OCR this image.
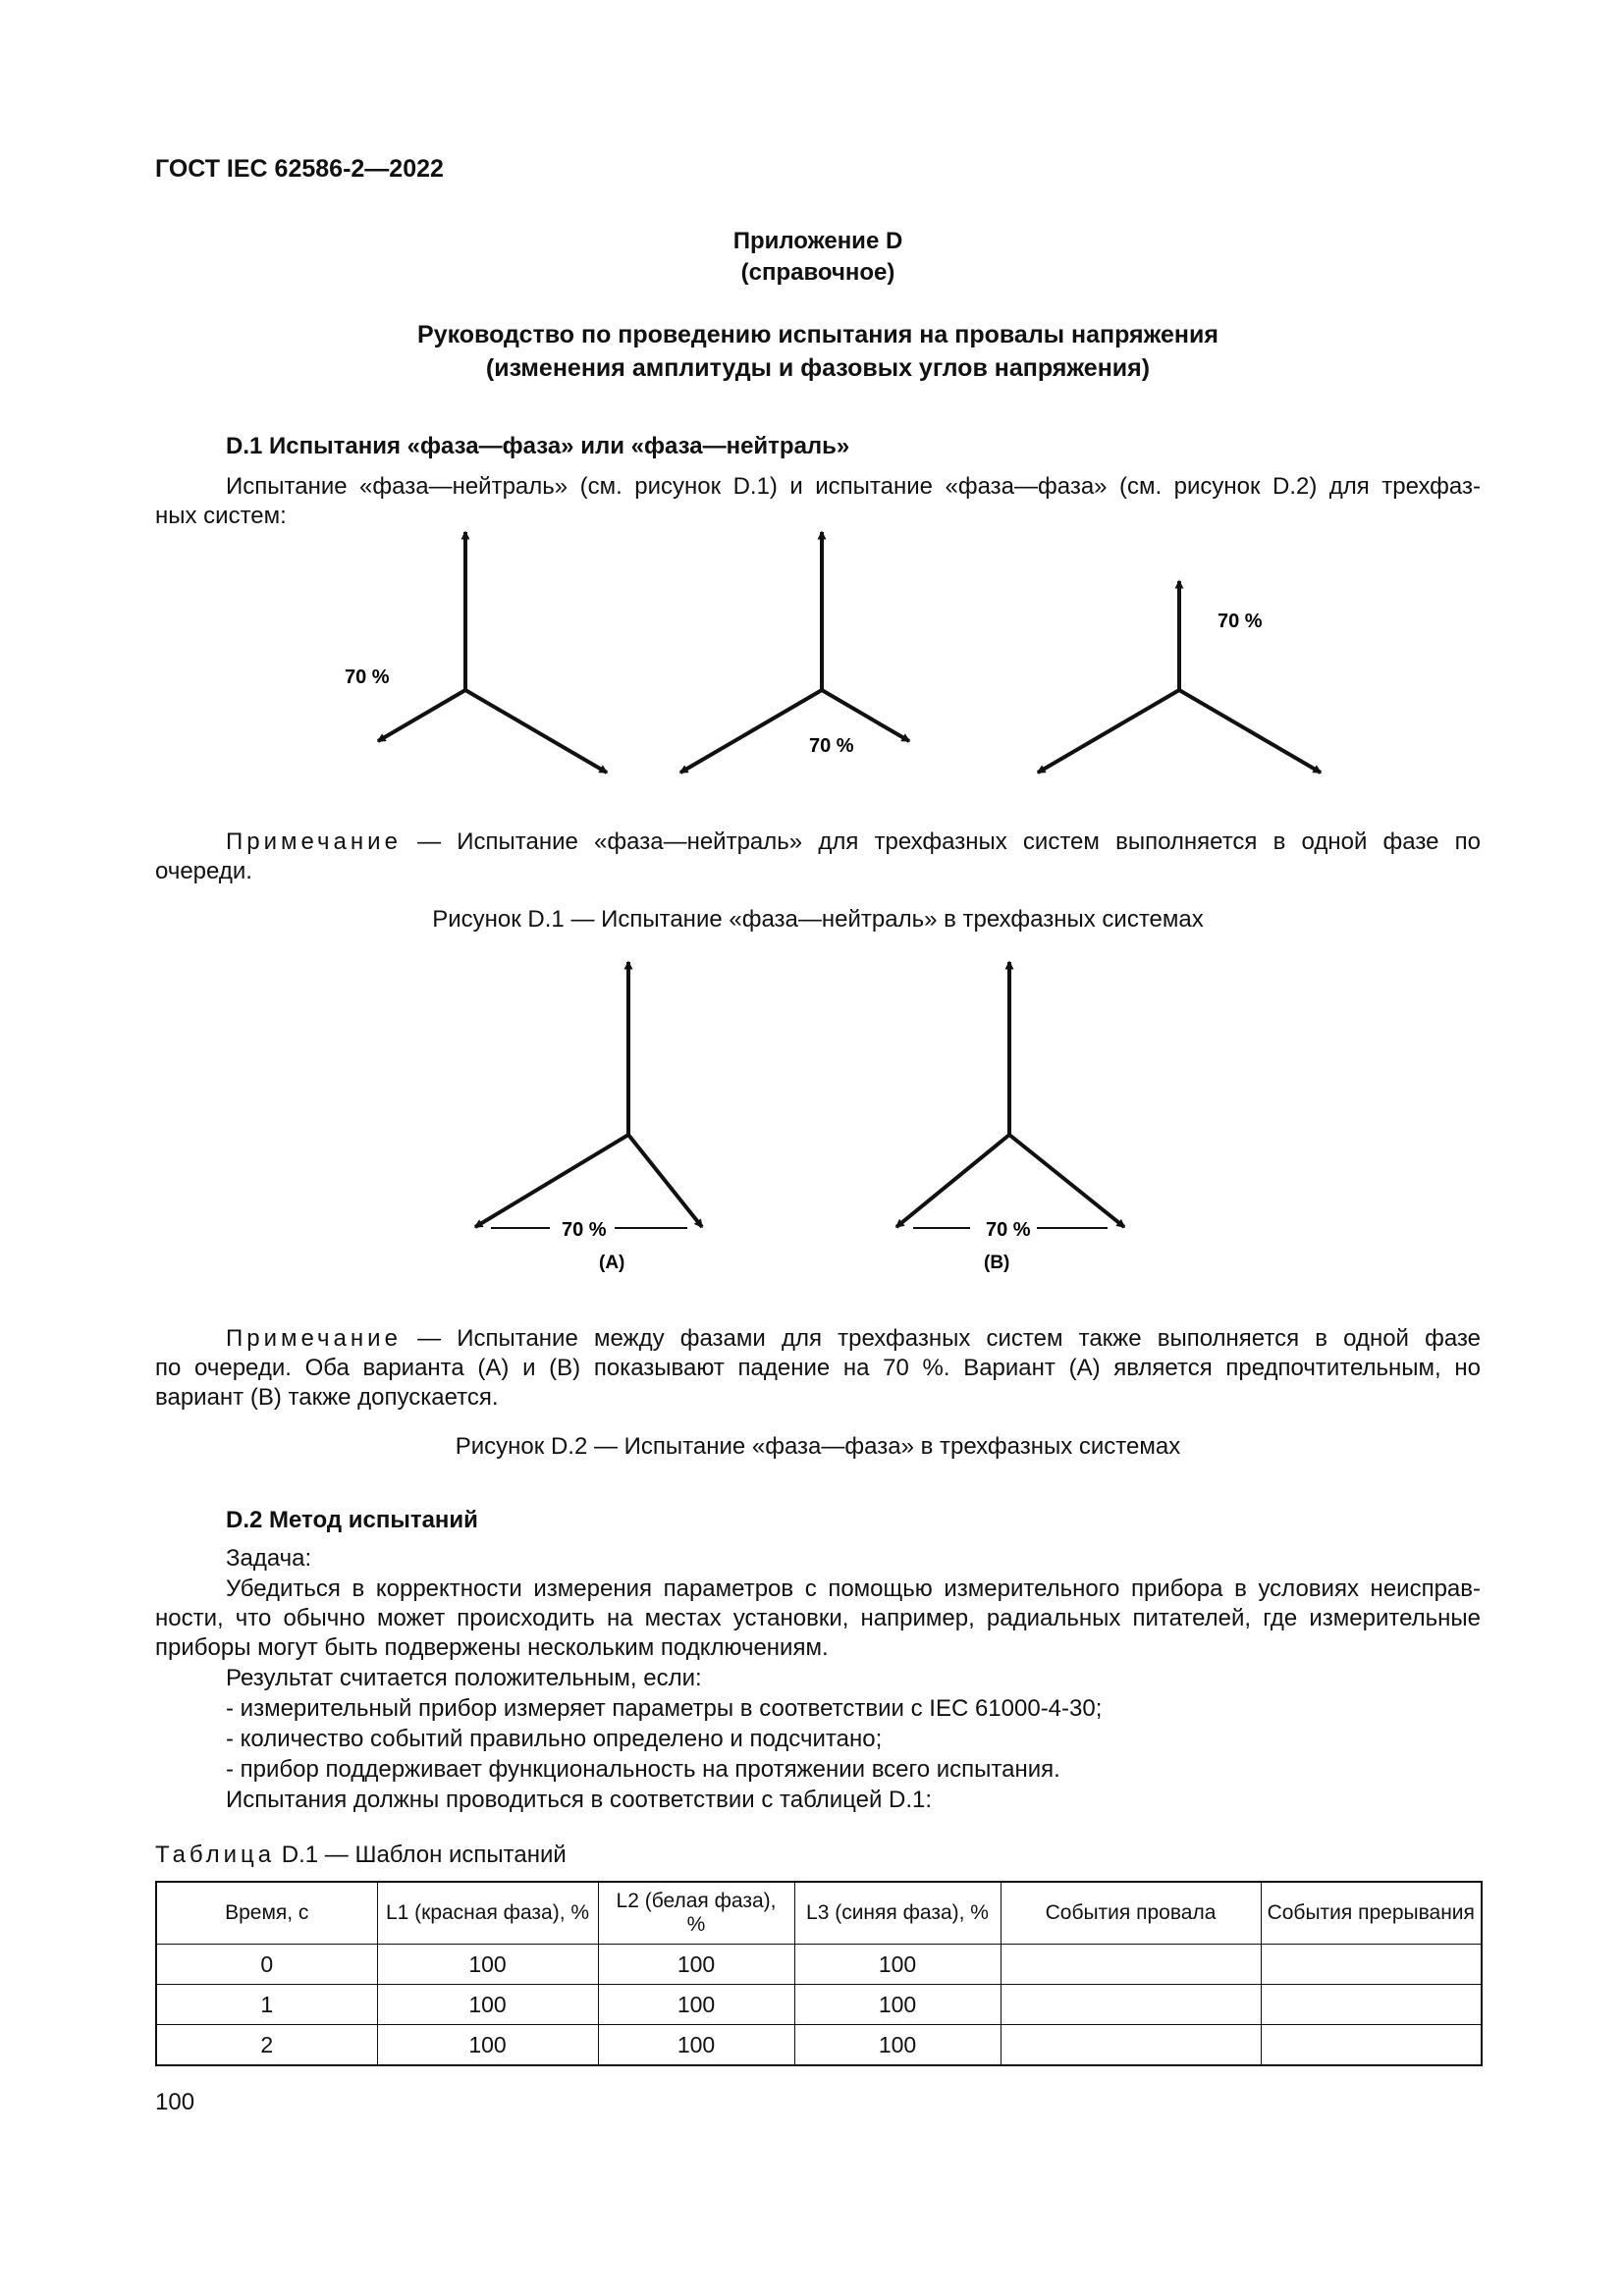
ГОСТ IEC 62586-2—2022
Приложение D
(справочное)
Руководство по проведению испытания на провалы напряжения
(изменения амплитуды и фазовых углов напряжения)
D.1 Испытания «фаза—фаза» или «фаза—нейтраль»
Испытание «фаза—нейтраль» (см. рисунок D.1) и испытание «фаза—фаза» (см. рисунок D.2) для трехфаз-
ных систем:
70 %
70 %
70 %
Примечание — Испытание «фаза—нейтраль» для трехфазных систем выполняется в одной фазе по
очереди.
Рисунок D.1 — Испытание «фаза—нейтраль» в трехфазных системах
70 %
(A)
70 %
(B)
Примечание — Испытание между фазами для трехфазных систем также выполняется в одной фазе
по очереди. Оба варианта (А) и (В) показывают падение на 70 %. Вариант (А) является предпочтительным, но
вариант (В) также допускается.
Рисунок D.2 — Испытание «фаза—фаза» в трехфазных системах
D.2 Метод испытаний
Задача:
Убедиться в корректности измерения параметров с помощью измерительного прибора в условиях неисправ-
ности, что обычно может происходить на местах установки, например, радиальных питателей, где измерительные
приборы могут быть подвержены нескольким подключениям.
Результат считается положительным, если:
- измерительный прибор измеряет параметры в соответствии с IEC 61000-4-30;
- количество событий правильно определено и подсчитано;
- прибор поддерживает функциональность на протяжении всего испытания.
Испытания должны проводиться в соответствии с таблицей D.1:
Таблица D.1 — Шаблон испытаний
Время, с	L1 (красная фаза), %	L2 (белая фаза), %	L3 (синяя фаза), %	События провала	События прерывания
0	100	100	100		
1	100	100	100		
2	100	100	100		
100
